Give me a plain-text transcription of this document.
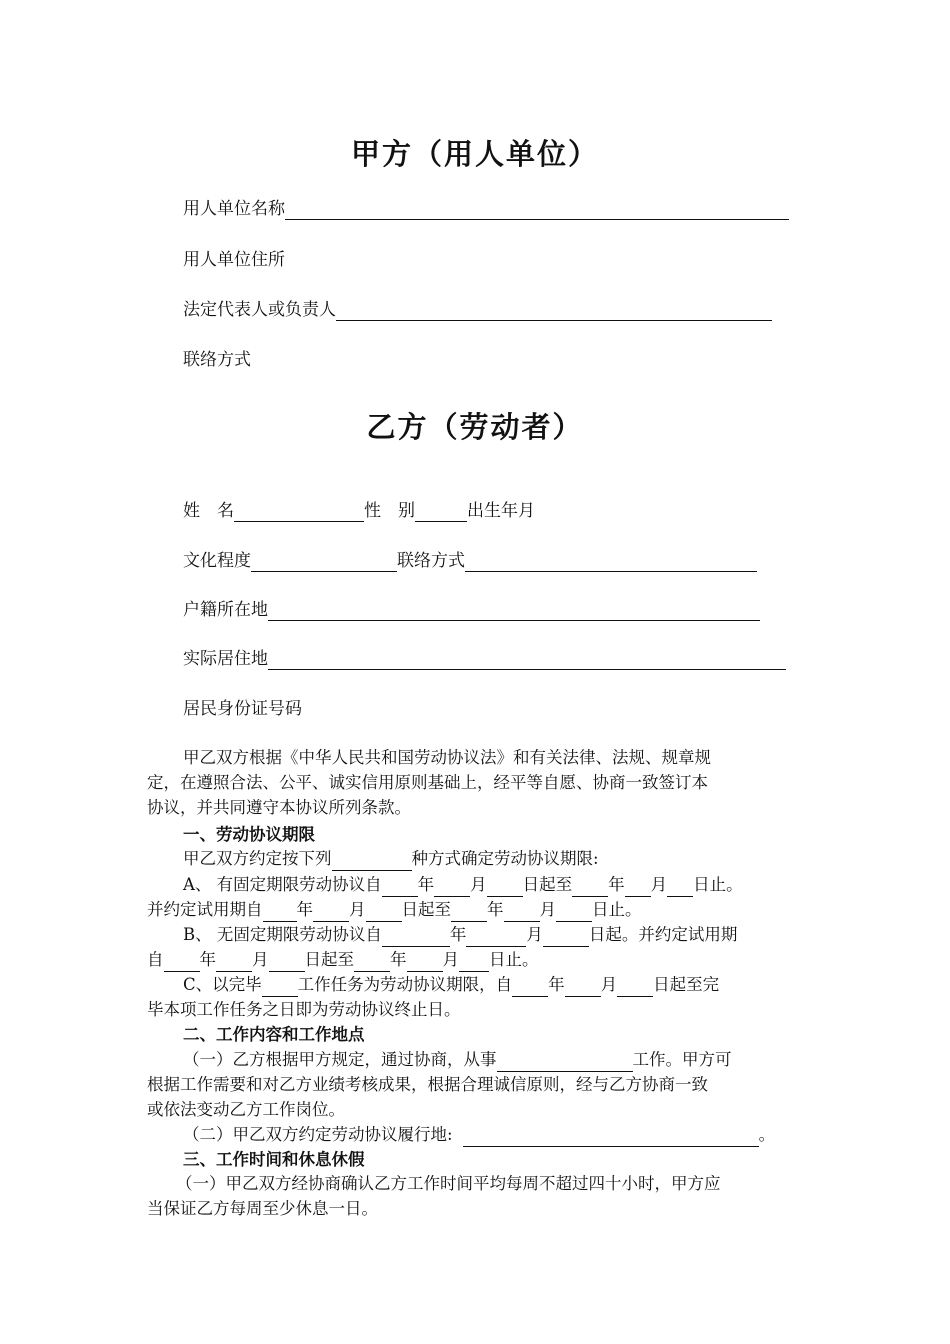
甲方（用人单位）
用人单位名称
用人单位住所
法定代表人或负责人
联络方式
乙方（劳动者）
姓　名	性　别	出生年月
文化程度	联络方式
户籍所在地
实际居住地
居民身份证号码
甲乙双方根据《中华人民共和国劳动协议法》和有关法律、法规、规章规
定，在遵照合法、公平、诚实信用原则基础上，经平等自愿、协商一致签订本
协议，并共同遵守本协议所列条款。
一、劳动协议期限
甲乙双方约定按下列	种方式确定劳动协议期限:
A、 有固定期限劳动协议自 年 月 日起至 年 月 日止。
并约定试用期自 年 月 日起至 年 月 日止。
B、 无固定期限劳动协议自	年	月	日起。并约定试用期
自 年 月 日起至 年 月 日止。
C、以完毕工作任务为劳动协议期限，自 年 月 日起至完
毕本项工作任务之日即为劳动协议终止日。
二、工作内容和工作地点
（一）乙方根据甲方规定，通过协商，从事	工作。甲方可
根据工作需要和对乙方业绩考核成果，根据合理诚信原则，经与乙方协商一致
或依法变动乙方工作岗位。
（二）甲乙双方约定劳动协议履行地:	。
三、工作时间和休息休假
（一）甲乙双方经协商确认乙方工作时间平均每周不超过四十小时，甲方应
当保证乙方每周至少休息一日。
